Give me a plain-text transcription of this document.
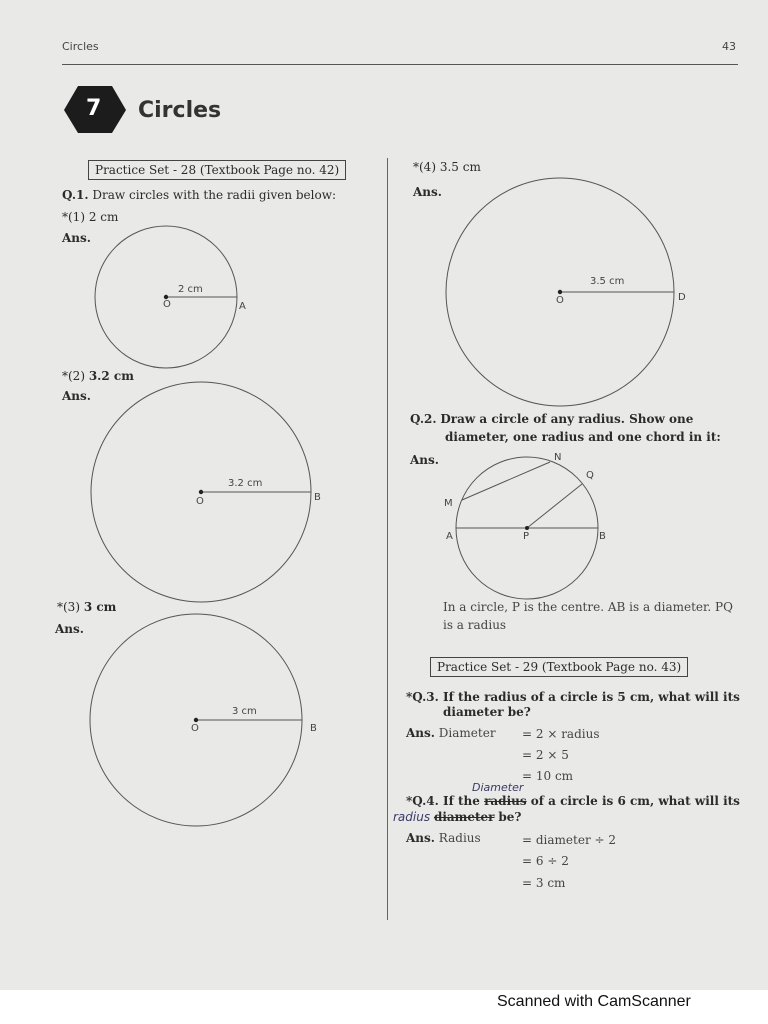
Circles	43
7 Circles
Practice Set - 28 (Textbook Page no. 42)
Q.1. Draw circles with the radii given below:
*(1) 2 cm
Ans.
2 cm
O	A
*(2) 3.2 cm
Ans.
3.2 cm
O	B
*(3) 3 cm
Ans.
3 cm
O	B
*(4) 3.5 cm
Ans.
3.5 cm
O	D
Q.2. Draw a circle of any radius. Show one
diameter, one radius and one chord in it:
Ans.	N
Q
M
A	P	B
In a circle, P is the centre. AB is a diameter. PQ
is a radius
Practice Set - 29 (Textbook Page no. 43)
*Q.3. If the radius of a circle is 5 cm, what will its
diameter be?
Ans. Diameter = 2 × radius
= 2 × 5
= 10 cm
Diameter
*Q.4. If the radius of a circle is 6 cm, what will its
radius diameter be?
Ans. Radius	= diameter ÷ 2
= 6 ÷ 2
= 3 cm
Scanned with CamScanner
